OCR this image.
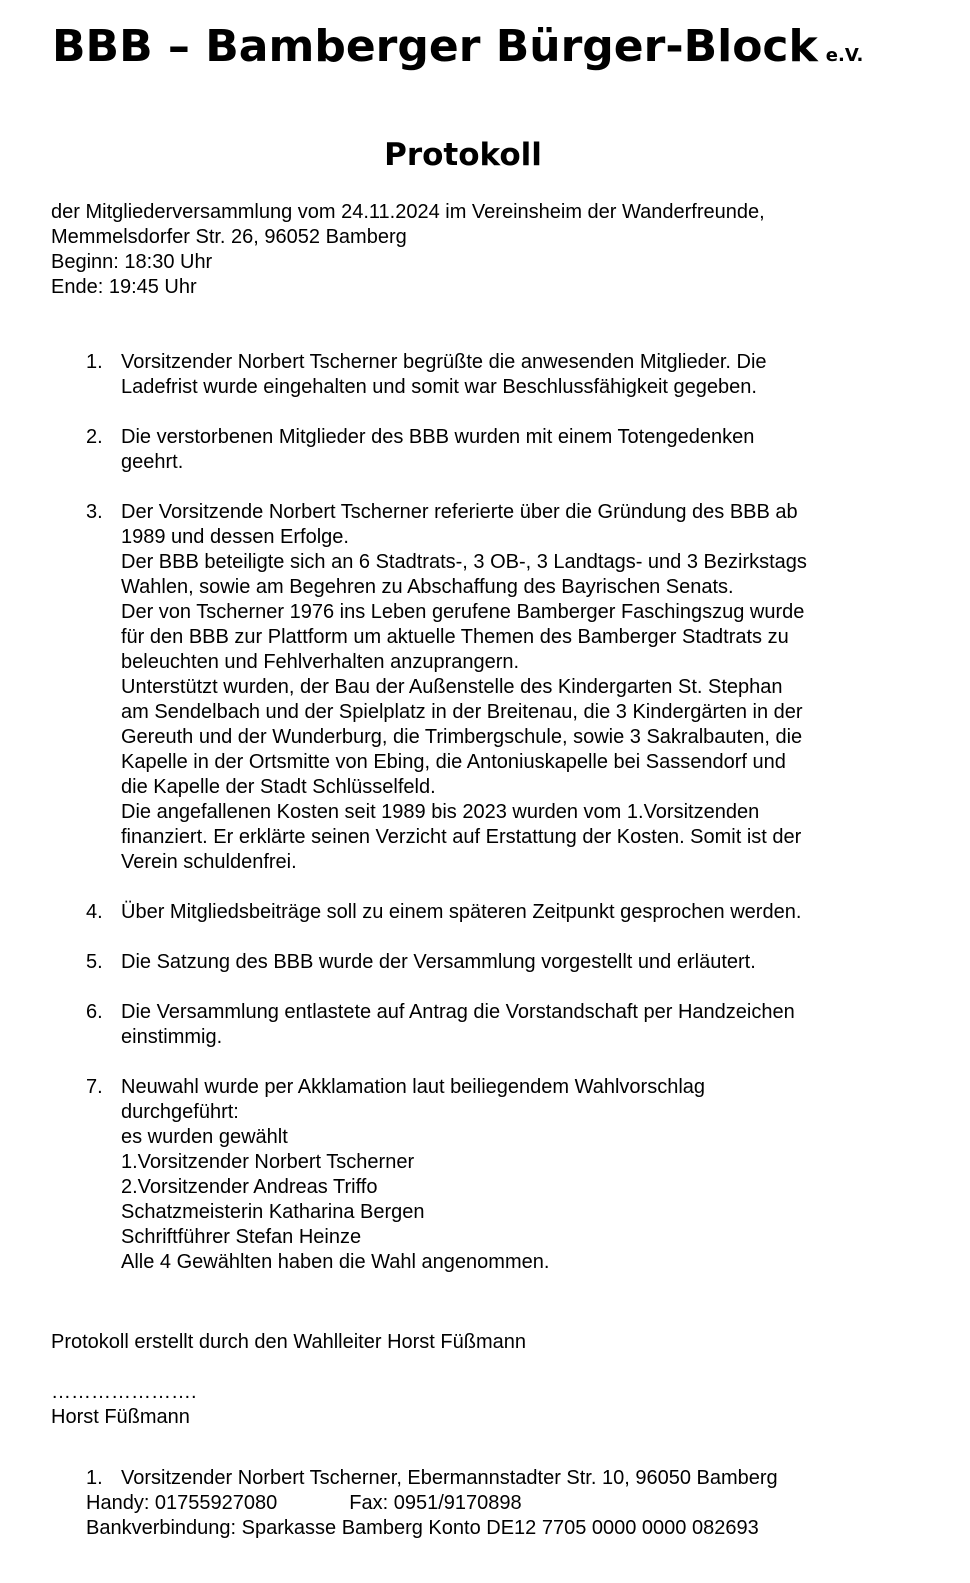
BBB – Bamberger Bürger-Block e.V.
Protokoll
der Mitgliederversammlung vom 24.11.2024 im Vereinsheim der Wanderfreunde,
Memmelsdorfer Str. 26, 96052 Bamberg
Beginn: 18:30 Uhr
Ende: 19:45 Uhr
1. Vorsitzender Norbert Tscherner begrüßte die anwesenden Mitglieder. Die
Ladefrist wurde eingehalten und somit war Beschlussfähigkeit gegeben.
2. Die verstorbenen Mitglieder des BBB wurden mit einem Totengedenken
geehrt.
3. Der Vorsitzende Norbert Tscherner referierte über die Gründung des BBB ab
1989 und dessen Erfolge.
Der BBB beteiligte sich an 6 Stadtrats-, 3 OB-, 3 Landtags- und 3 Bezirkstags
Wahlen, sowie am Begehren zu Abschaffung des Bayrischen Senats.
Der von Tscherner 1976 ins Leben gerufene Bamberger Faschingszug wurde
für den BBB zur Plattform um aktuelle Themen des Bamberger Stadtrats zu
beleuchten und Fehlverhalten anzuprangern.
Unterstützt wurden, der Bau der Außenstelle des Kindergarten St. Stephan
am Sendelbach und der Spielplatz in der Breitenau, die 3 Kindergärten in der
Gereuth und der Wunderburg, die Trimbergschule, sowie 3 Sakralbauten, die
Kapelle in der Ortsmitte von Ebing, die Antoniuskapelle bei Sassendorf und
die Kapelle der Stadt Schlüsselfeld.
Die angefallenen Kosten seit 1989 bis 2023 wurden vom 1.Vorsitzenden
finanziert. Er erklärte seinen Verzicht auf Erstattung der Kosten. Somit ist der
Verein schuldenfrei.
4. Über Mitgliedsbeiträge soll zu einem späteren Zeitpunkt gesprochen werden.
5. Die Satzung des BBB wurde der Versammlung vorgestellt und erläutert.
6. Die Versammlung entlastete auf Antrag die Vorstandschaft per Handzeichen
einstimmig.
7. Neuwahl wurde per Akklamation laut beiliegendem Wahlvorschlag
durchgeführt:
es wurden gewählt
1.Vorsitzender Norbert Tscherner
2.Vorsitzender Andreas Triffo
Schatzmeisterin Katharina Bergen
Schriftführer Stefan Heinze
Alle 4 Gewählten haben die Wahl angenommen.
Protokoll erstellt durch den Wahlleiter Horst Füßmann
………………….
Horst Füßmann
1. Vorsitzender Norbert Tscherner, Ebermannstadter Str. 10, 96050 Bamberg
Handy: 01755927080	Fax: 0951/9170898
Bankverbindung: Sparkasse Bamberg Konto DE12 7705 0000 0000 082693
